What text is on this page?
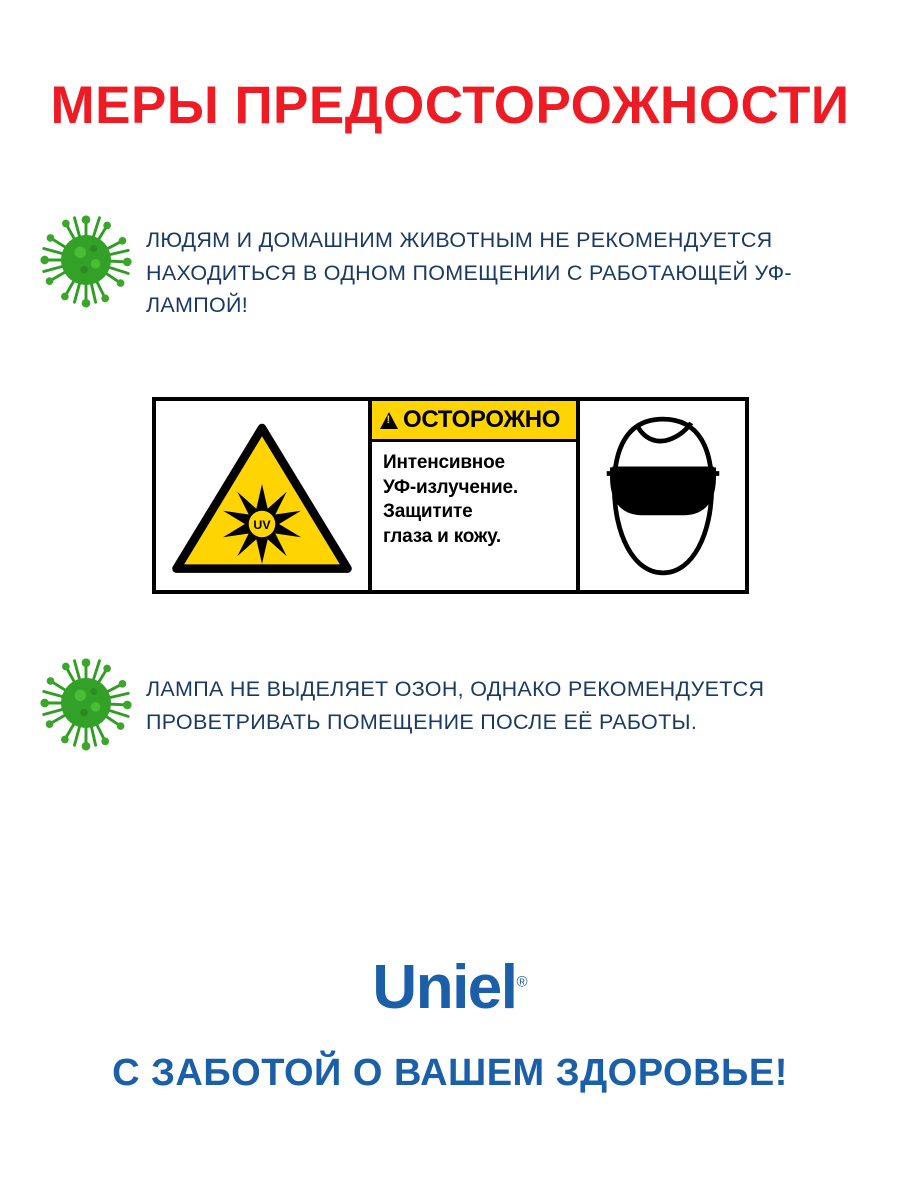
МЕРЫ ПРЕДОСТОРОЖНОСТИ
ЛЮДЯМ И ДОМАШНИМ ЖИВОТНЫМ НЕ РЕКОМЕНДУЕТСЯ НАХОДИТЬСЯ В ОДНОМ ПОМЕЩЕНИИ С РАБОТАЮЩЕЙ УФ-ЛАМПОЙ!
UV
!
ОСТОРОЖНО
Интенсивное
УФ-излучение.
Защитите
глаза и кожу.
ЛАМПА НЕ ВЫДЕЛЯЕТ ОЗОН, ОДНАКО РЕКОМЕНДУЕТСЯ ПРОВЕТРИВАТЬ ПОМЕЩЕНИЕ ПОСЛЕ ЕЁ РАБОТЫ.
Uniel®
С ЗАБОТОЙ О ВАШЕМ ЗДОРОВЬЕ!
